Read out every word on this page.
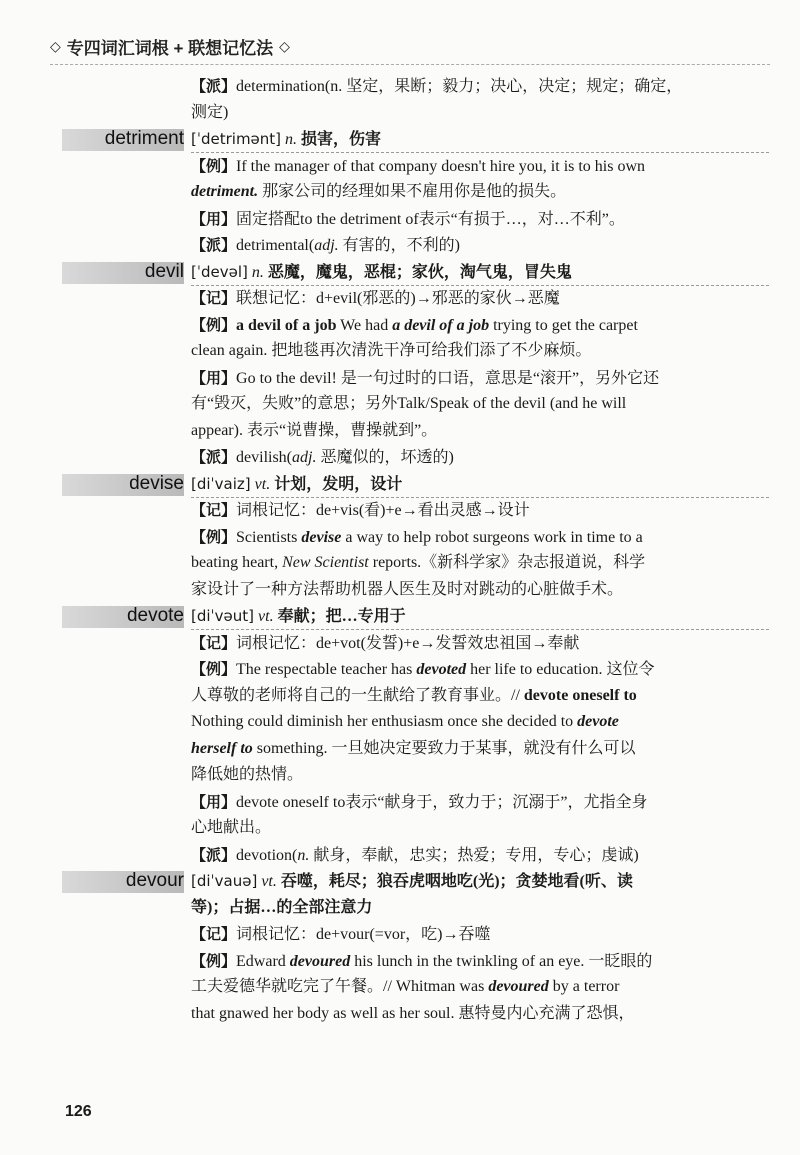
◇ 专四词汇词根 + 联想记忆法 ◇
【派】determination(n. 坚定，果断；毅力；决心，决定；规定；确定，
测定)
detriment [ˈdetrimənt] n. 损害，伤害
【例】If the manager of that company doesn't hire you, it is to his own
detriment. 那家公司的经理如果不雇用你是他的损失。
【用】固定搭配to the detriment of表示“有损于…，对…不利”。
【派】detrimental(adj. 有害的，不利的)
devil [ˈdevəl] n. 恶魔，魔鬼，恶棍；家伙，淘气鬼，冒失鬼
【记】联想记忆：d+evil(邪恶的)→邪恶的家伙→恶魔
【例】a devil of a job We had a devil of a job trying to get the carpet
clean again. 把地毯再次清洗干净可给我们添了不少麻烦。
【用】Go to the devil! 是一句过时的口语，意思是“滚开”，另外它还
有“毁灭，失败”的意思；另外Talk/Speak of the devil (and he will
appear). 表示“说曹操，曹操就到”。
【派】devilish(adj. 恶魔似的，坏透的)
devise [diˈvaiz] vt. 计划，发明，设计
【记】词根记忆：de+vis(看)+e→看出灵感→设计
【例】Scientists devise a way to help robot surgeons work in time to a
beating heart, New Scientist reports.《新科学家》杂志报道说，科学
家设计了一种方法帮助机器人医生及时对跳动的心脏做手术。
devote [diˈvəut] vt. 奉献；把…专用于
【记】词根记忆：de+vot(发誓)+e→发誓效忠祖国→奉献
【例】The respectable teacher has devoted her life to education. 这位令
人尊敬的老师将自己的一生献给了教育事业。// devote oneself to
Nothing could diminish her enthusiasm once she decided to devote
herself to something. 一旦她决定要致力于某事，就没有什么可以
降低她的热情。
【用】devote oneself to表示“献身于，致力于；沉溺于”，尤指全身
心地献出。
【派】devotion(n. 献身，奉献，忠实；热爱；专用，专心；虔诚)
devour [diˈvauə] vt. 吞噬，耗尽；狼吞虎咽地吃(光)；贪婪地看(听、读
等)；占据…的全部注意力
【记】词根记忆：de+vour(=vor，吃)→吞噬
【例】Edward devoured his lunch in the twinkling of an eye. 一眨眼的
工夫爱德华就吃完了午餐。// Whitman was devoured by a terror
that gnawed her body as well as her soul. 惠特曼内心充满了恐惧，
126
